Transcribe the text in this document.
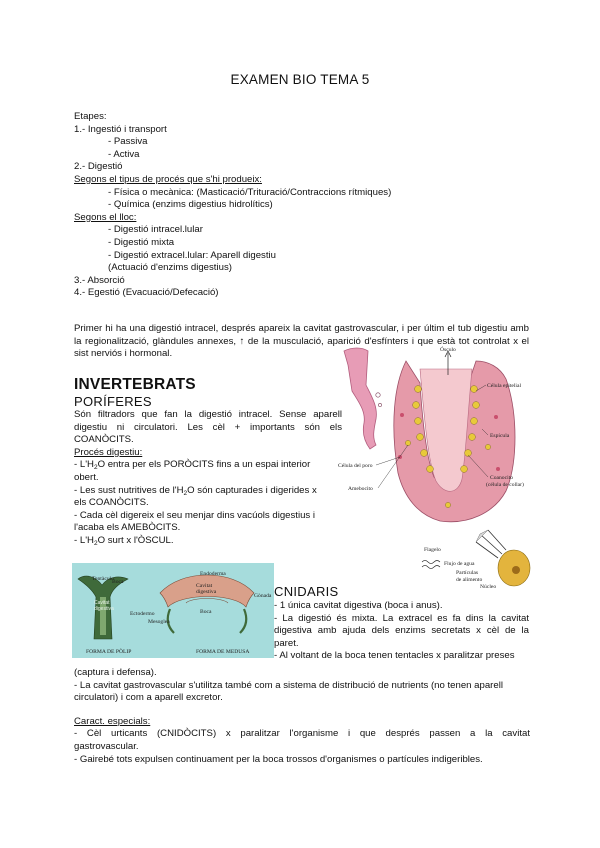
EXAMEN BIO TEMA 5

Etapes:

1.- Ingestió i transport

- Passiva

- Activa

2.- Digestió

Segons el tipus de procés que s'hi produeix:

- Física o mecànica: (Masticació/Trituració/Contraccions rítmiques)

- Química (enzims digestius hidrolítics)

Segons el lloc:

- Digestió intracel.lular

- Digestió mixta

- Digestió extracel.lular: Aparell digestiu

(Actuació d'enzims digestius)

3.- Absorció

4.- Egestió (Evacuació/Defecació)

Primer hi ha una digestió intracel, després apareix la cavitat gastrovascular, i per últim el tub digestiu amb la regionalització, glàndules annexes, ↑ de la musculació, aparició d'esfínters i que està tot controlat x el sist nerviós i hormonal.
INVERTEBRATS
PORÍFERES

Són filtradors que fan la digestió intracel. Sense aparell

digestiu ni circulatori. Les cèl + importants són els

COANÒCITS.

Procés digestiu:

- $L'H_2O$ entra per els PORÒCITS fins a un espai interior

obert.

- Les sust nutritives de $l'H_2O$ són capturades i digerides x

els COANÒCITS.

- Cada cèl digereix el seu menjar dins vacúols digestius i

l'acaba els AMEBÒCITS.

- $L'H_2O$ surt x l'ÒSCUL.

Ósculo
Célula epitelial
Célula del poro
Espícula
Amebocito
Coanocito
(célula de collar)
Flagelo
Flujo de agua
Partículas
de alimento
Núcleo
Tentàculo
Boca
Cavitat
digestiva
Ectodermo
Endoderma
Mesoglea
Gònada
Cavitat
digestiva
Boca
FORMA DE PÒLIP	FORMA DE MEDUSA
CNIDARIS

- 1 única cavitat digestiva (boca i anus).

- La digestió és mixta. La extracel es fa dins la cavitat

digestiva amb ajuda dels enzims secretats x cèl de la

paret.

- Al voltant de la boca tenen tentacles x paralitzar preses

(captura i defensa).

- La cavitat gastrovascular s'utilitza també com a sistema de distribució de nutrients (no tenen aparell

circulatori) i com a aparell excretor.

Caract. especials:

- Cèl urticants (CNIDÒCITS) x paralitzar l'organisme i que després passen a la cavitat

gastrovascular.

- Gairebé tots expulsen continuament per la boca trossos d'organismes o partícules indigeribles.
